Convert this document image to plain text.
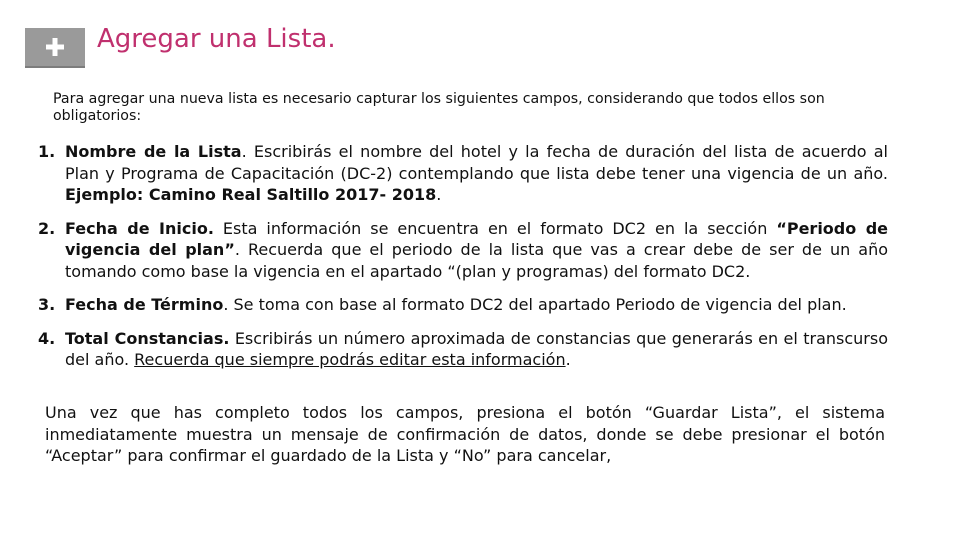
Agregar una Lista.

Para agregar una nueva lista es necesario capturar los siguientes campos, considerando que todos ellos son obligatorios:

1. Nombre de la Lista. Escribirás el nombre del hotel y la fecha de duración del lista de acuerdo al Plan y Programa de Capacitación (DC-2) contemplando que lista debe tener una vigencia de un año. Ejemplo: Camino Real Saltillo 2017- 2018.
2. Fecha de Inicio. Esta información se encuentra en el formato DC2 en la sección “Periodo de vigencia del plan”. Recuerda que el periodo de la lista que vas a crear debe de ser de un año tomando como base la vigencia en el apartado “(plan y programas) del formato DC2.
3. Fecha de Término. Se toma con base al formato DC2 del apartado Periodo de vigencia del plan.
4. Total Constancias. Escribirás un número aproximada de constancias que generarás en el transcurso del año. Recuerda que siempre podrás editar esta información.

Una vez que has completo todos los campos, presiona el botón “Guardar Lista”, el sistema inmediatamente muestra un mensaje de confirmación de datos, donde se debe presionar el botón “Aceptar” para confirmar el guardado de la Lista y “No” para cancelar,
